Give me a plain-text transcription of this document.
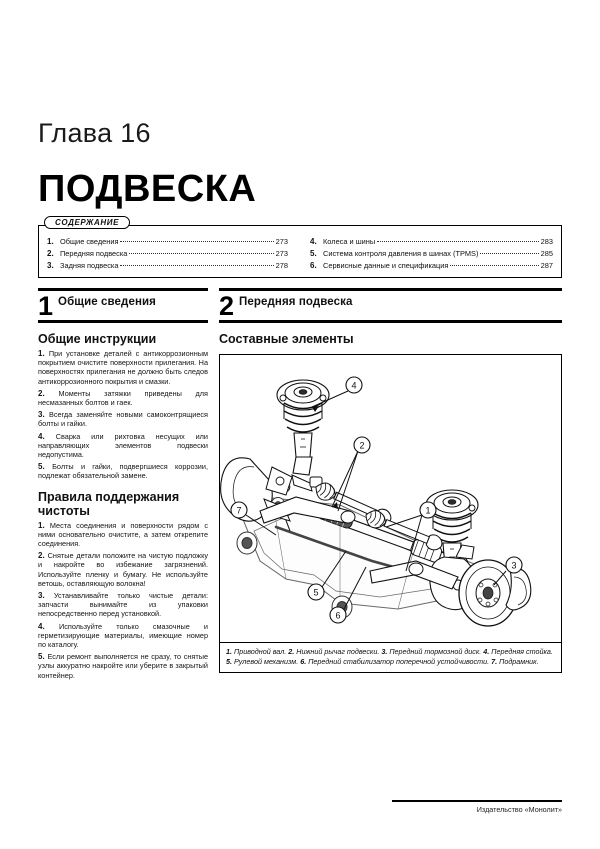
Глава 16
ПОДВЕСКА
СОДЕРЖАНИЕ
1. Общие сведения	273
2. Передняя подвеска	273
3. Задняя подвеска	278
4. Колеса и шины	283
5. Система контроля давления в шинах (TPMS)	285
6. Сервисные данные и спецификация	287
1 Общие сведения
Общие инструкции
1. При установке деталей с антикоррозионным покрытием очистите поверхности прилегания. На поверхностях прилегания не должно быть следов антикоррозионного покрытия и смазки.
2. Моменты затяжки приведены для несмазанных болтов и гаек.
3. Всегда заменяйте новыми самоконтрящиеся болты и гайки.
4. Сварка или рихтовка несущих или направляющих элементов подвески недопустима.
5. Болты и гайки, подвергшиеся коррозии, подлежат обязательной замене.
Правила поддержания чистоты
1. Места соединения и поверхности рядом с ними основательно очистите, а затем открепите соединения.
2. Снятые детали положите на чистую подложку и накройте во избежание загрязнений. Используйте пленку и бумагу. Не используйте ветошь, оставляющую волокна!
3. Устанавливайте только чистые детали: запчасти вынимайте из упаковки непосредственно перед установкой.
4. Используйте только смазочные и герметизирующие материалы, имеющие номер по каталогу.
5. Если ремонт выполняется не сразу, то снятые узлы аккуратно накройте или уберите в закрытый контейнер.
2 Передняя подвеска
Составные элементы
4
2
1
3
7
5
6
1. Приводной вал. 2. Нижний рычаг подвески. 3. Передний тормозной диск. 4. Передняя стойка. 5. Рулевой механизм. 6. Передний стабилизатор поперечной устойчивости. 7. Подрамник.
Издательство «Монолит»
